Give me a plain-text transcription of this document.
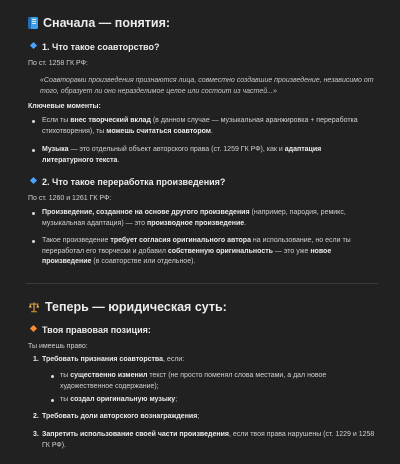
Сначала — понятия:
1. Что такое соавторство?
По ст. 1258 ГК РФ:
«Соавторами произведения признаются лица, совместно создавшие произведение, независимо от
того, образует ли оно неразделимое целое или состоит из частей...»
Ключевые моменты:
Если ты внес творческий вклад (в данном случае — музыкальная аранжировка + переработка
стихотворения), ты можешь считаться соавтором.
Музыка — это отдельный объект авторского права (ст. 1259 ГК РФ), как и адаптация
литературного текста.
2. Что такое переработка произведения?
По ст. 1260 и 1261 ГК РФ:
Произведение, созданное на основе другого произведения (например, пародия, ремикс,
музыкальная адаптация) — это производное произведение.
Такое произведение требует согласия оригинального автора на использование, но если ты
переработал его творчески и добавил собственную оригинальность — это уже новое
произведение (в соавторстве или отдельное).
Теперь — юридическая суть:
Твоя правовая позиция:
Ты имеешь право:
1. Требовать признания соавторства, если:
ты существенно изменил текст (не просто поменял слова местами, а дал новое
художественное содержание);
ты создал оригинальную музыку;
2. Требовать доли авторского вознаграждения;
3. Запретить использование своей части произведения, если твоя права нарушены (ст. 1229 и 1258
ГК РФ).
